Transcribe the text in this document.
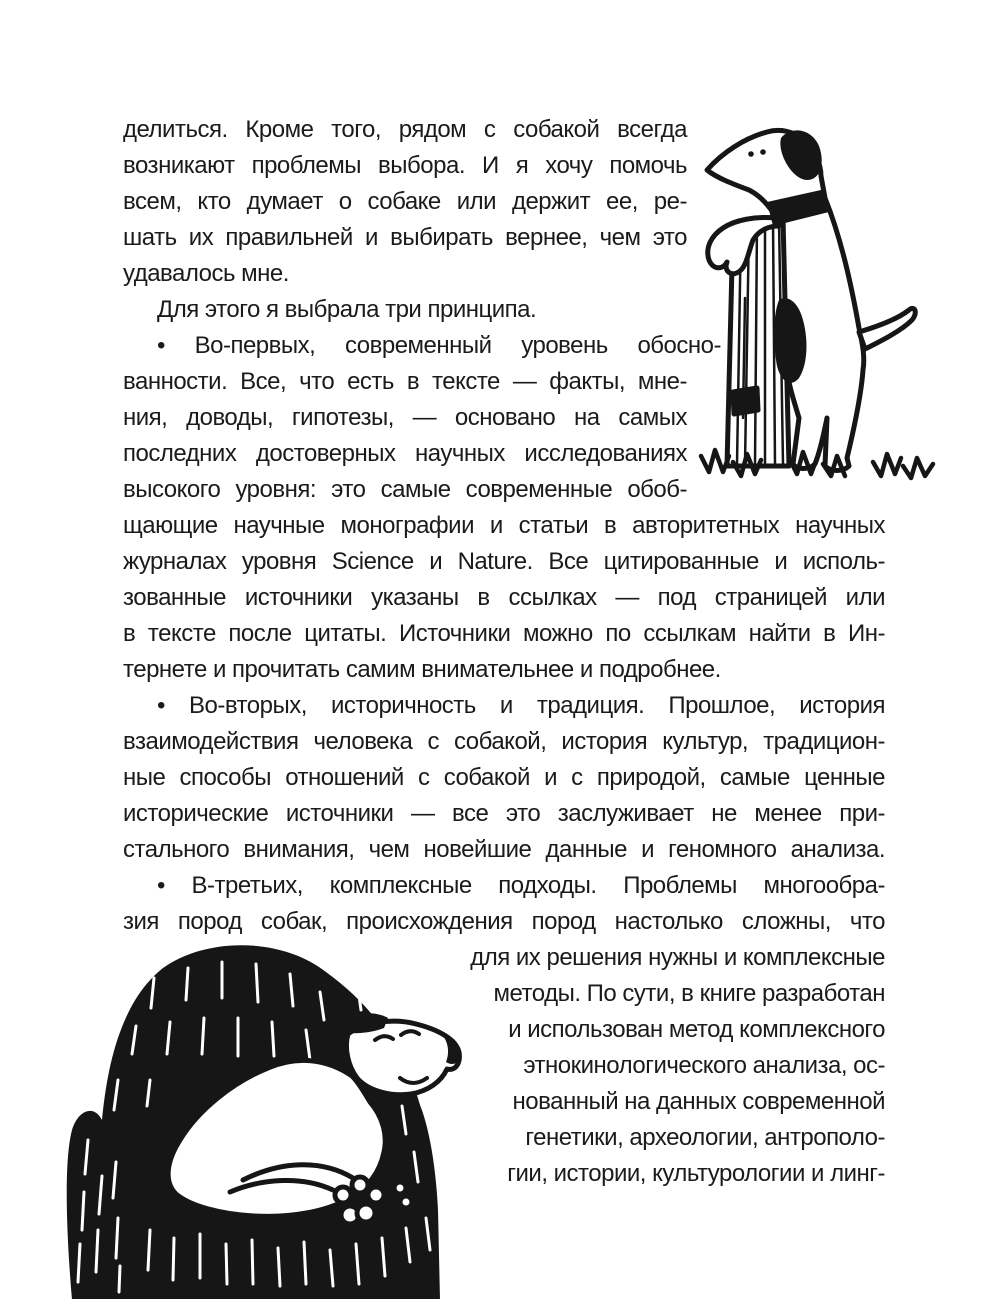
делиться. Кроме того, рядом с собакой всегда
возникают проблемы выбора. И я хочу помочь
всем, кто думает о собаке или держит ее, ре-
шать их правильней и выбирать вернее, чем это
удавалось мне.
Для этого я выбрала три принципа.
• Во-первых, современный уровень обосно-
ванности. Все, что есть в тексте — факты, мне-
ния, доводы, гипотезы, — основано на самых
последних достоверных научных исследованиях
высокого уровня: это самые современные обоб-
щающие научные монографии и статьи в авторитетных научных
журналах уровня Science и Nature. Все цитированные и исполь-
зованные источники указаны в ссылках — под страницей или
в тексте после цитаты. Источники можно по ссылкам найти в Ин-
тернете и прочитать самим внимательнее и подробнее.
• Во-вторых, историчность и традиция. Прошлое, история
взаимодействия человека с собакой, история культур, традицион-
ные способы отношений с собакой и с природой, самые ценные
исторические источники — все это заслуживает не менее при-
стального внимания, чем новейшие данные и геномного анализа.
• В-третьих, комплексные подходы. Проблемы многообра-
зия пород собак, происхождения пород настолько сложны, что
для их решения нужны и комплексные
методы. По сути, в книге разработан
и использован метод комплексного
этнокинологического анализа, ос-
нованный на данных современной
генетики, археологии, антрополо-
гии, истории, культурологии и линг-
